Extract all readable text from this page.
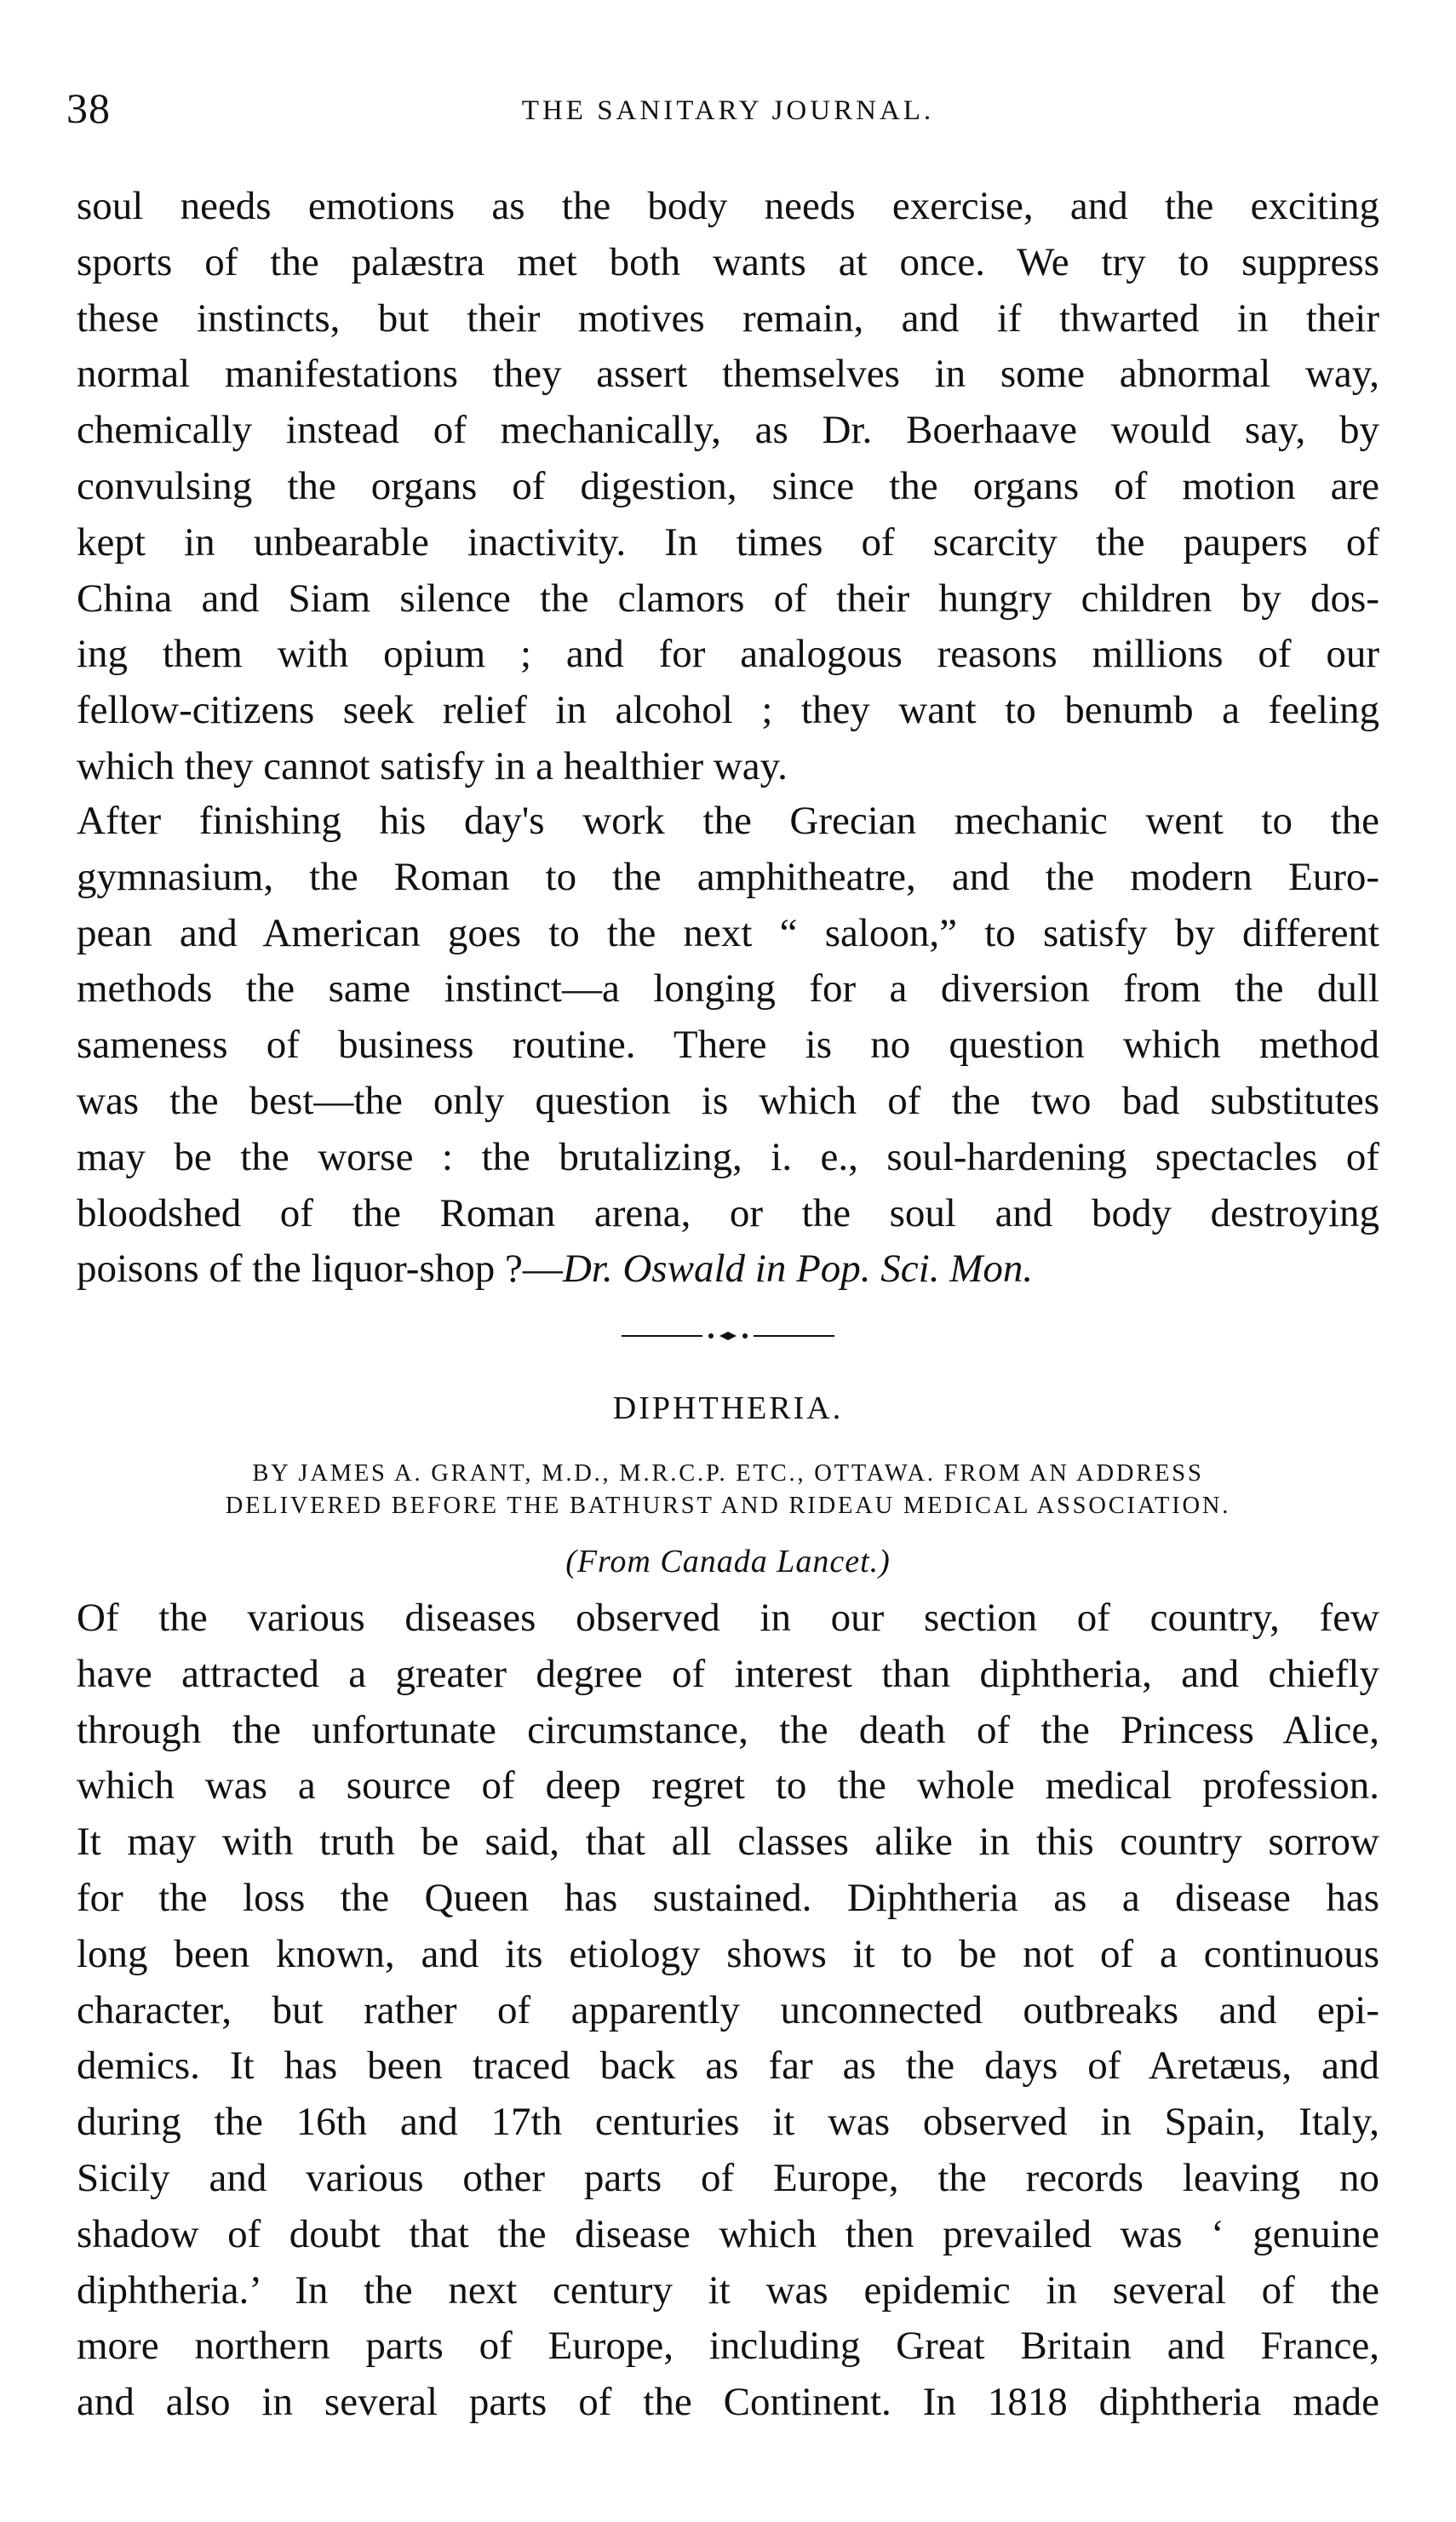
38	THE SANITARY JOURNAL.

soul needs emotions as the body needs exercise, and the exciting
sports of the palæstra met both wants at once. We try to suppress
these instincts, but their motives remain, and if thwarted in their
normal manifestations they assert themselves in some abnormal way,
chemically instead of mechanically, as Dr. Boerhaave would say, by
convulsing the organs of digestion, since the organs of motion are
kept in unbearable inactivity. In times of scarcity the paupers of
China and Siam silence the clamors of their hungry children by dos-
ing them with opium ; and for analogous reasons millions of our
fellow-citizens seek relief in alcohol ; they want to benumb a feeling
which they cannot satisfy in a healthier way.

After finishing his day's work the Grecian mechanic went to the
gymnasium, the Roman to the amphitheatre, and the modern Euro-
pean and American goes to the next “ saloon,” to satisfy by different
methods the same instinct—a longing for a diversion from the dull
sameness of business routine. There is no question which method
was the best—the only question is which of the two bad substitutes
may be the worse : the brutalizing, i. e., soul-hardening spectacles of
bloodshed of the Roman arena, or the soul and body destroying
poisons of the liquor-shop ?—Dr. Oswald in Pop. Sci. Mon.

DIPHTHERIA.
BY JAMES A. GRANT, M.D., M.R.C.P. ETC., OTTAWA. FROM AN ADDRESS
DELIVERED BEFORE THE BATHURST AND RIDEAU MEDICAL ASSOCIATION.
(From Canada Lancet.)

Of the various diseases observed in our section of country, few
have attracted a greater degree of interest than diphtheria, and chiefly
through the unfortunate circumstance, the death of the Princess Alice,
which was a source of deep regret to the whole medical profession.
It may with truth be said, that all classes alike in this country sorrow
for the loss the Queen has sustained. Diphtheria as a disease has
long been known, and its etiology shows it to be not of a continuous
character, but rather of apparently unconnected outbreaks and epi-
demics. It has been traced back as far as the days of Aretæus, and
during the 16th and 17th centuries it was observed in Spain, Italy,
Sicily and various other parts of Europe, the records leaving no
shadow of doubt that the disease which then prevailed was ‘ genuine
diphtheria.’ In the next century it was epidemic in several of the
more northern parts of Europe, including Great Britain and France,
and also in several parts of the Continent. In 1818 diphtheria made
